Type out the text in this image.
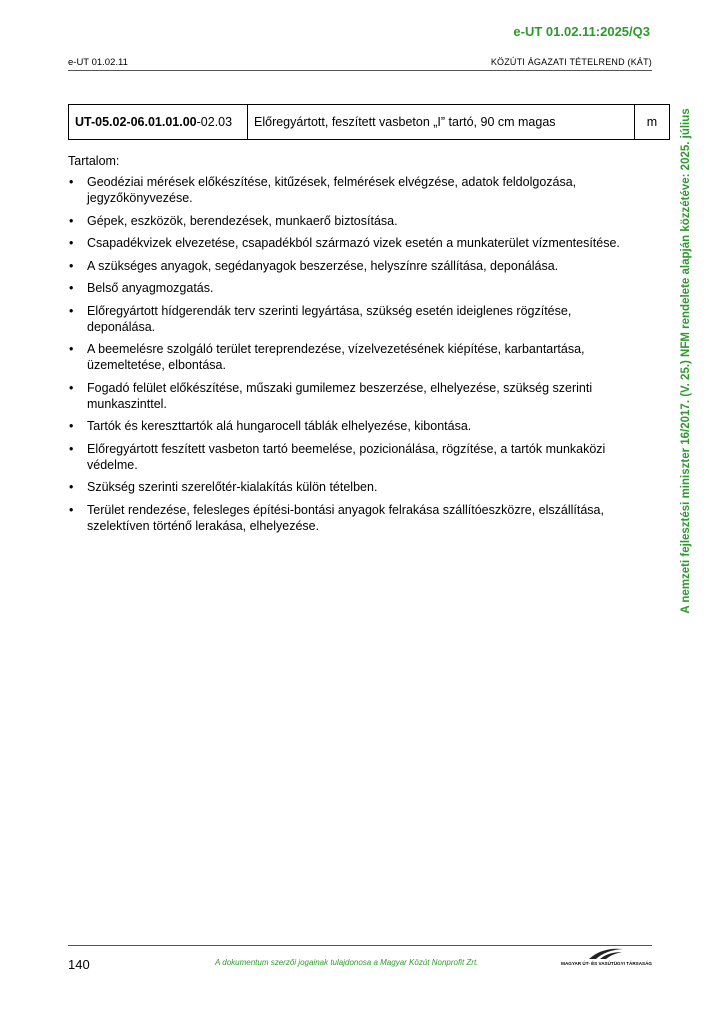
e-UT 01.02.11:2025/Q3
e-UT 01.02.11	KÖZÚTI ÁGAZATI TÉTELREND (KÁT)
UT-05.02-06.01.01.00-02.03	Előregyártott, feszített vasbeton „I” tartó, 90 cm magas	m

Tartalom:

• Geodéziai mérések előkészítése, kitűzések, felmérések elvégzése, adatok feldolgozása, jegyzőkönyvezése.
• Gépek, eszközök, berendezések, munkaerő biztosítása.
• Csapadékvizek elvezetése, csapadékból származó vizek esetén a munkaterület vízmentesítése.
• A szükséges anyagok, segédanyagok beszerzése, helyszínre szállítása, deponálása.
• Belső anyagmozgatás.
• Előregyártott hídgerendák terv szerinti legyártása, szükség esetén ideiglenes rögzítése, deponálása.
• A beemelésre szolgáló terület tereprendezése, vízelvezetésének kiépítése, karbantartása, üzemeltetése, elbontása.
• Fogadó felület előkészítése, műszaki gumilemez beszerzése, elhelyezése, szükség szerinti munkaszinttel.
• Tartók és kereszttartók alá hungarocell táblák elhelyezése, kibontása.
• Előregyártott feszített vasbeton tartó beemelése, pozicionálása, rögzítése, a tartók munkaközi védelme.
• Szükség szerinti szerelőtér-kialakítás külön tételben.
• Terület rendezése, felesleges építési-bontási anyagok felrakása szállítóeszközre, elszállítása, szelektíven történő lerakása, elhelyezése.	A nemzeti fejlesztési miniszter 16/2017. (V. 25.) NFM rendelete alapján közzétéve: 2025. július
140	A dokumentum szerzői jogainak tulajdonosa a Magyar Közút Nonprofit Zrt.	MAGYAR ÚT- ÉS VASÚTÜGYI TÁRSASÁG
